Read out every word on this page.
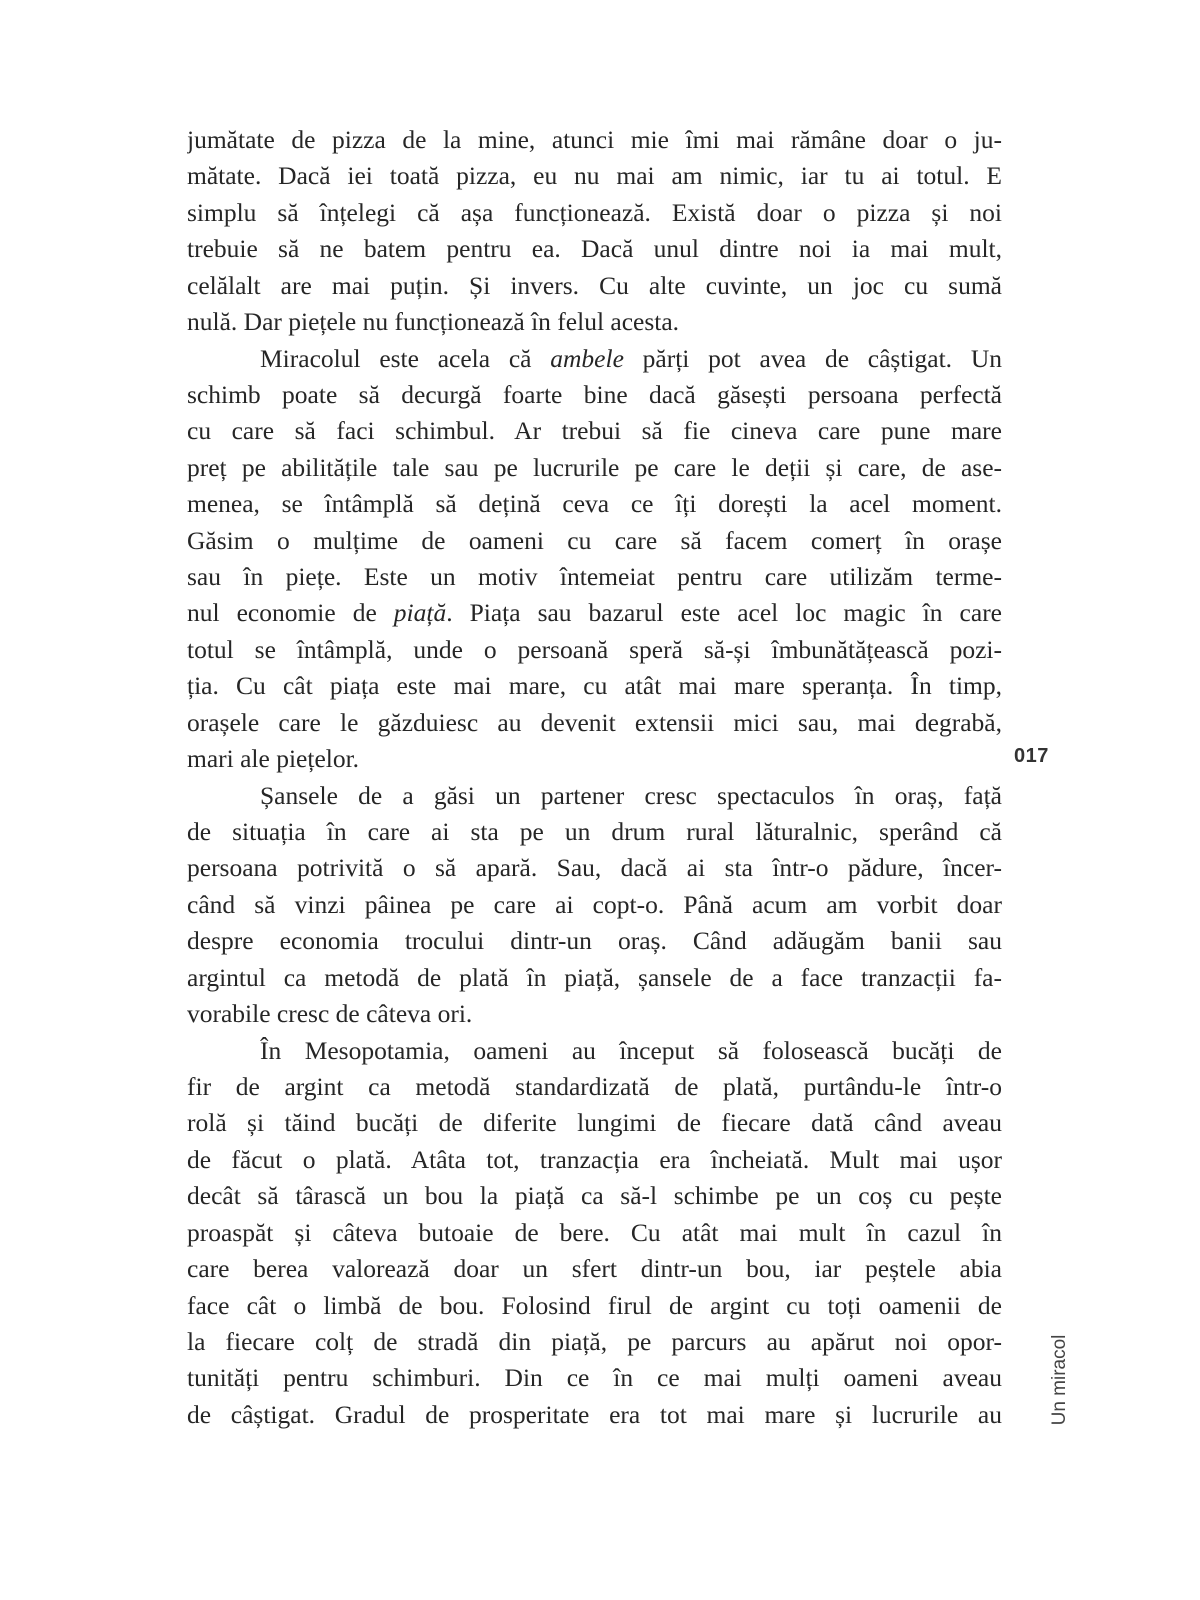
jumătate de pizza de la mine, atunci mie îmi mai rămâne doar o ju-
mătate. Dacă iei toată pizza, eu nu mai am nimic, iar tu ai totul. E
simplu să înțelegi că așa funcționează. Există doar o pizza și noi
trebuie să ne batem pentru ea. Dacă unul dintre noi ia mai mult,
celălalt are mai puțin. Și invers. Cu alte cuvinte, un joc cu sumă
nulă. Dar piețele nu funcționează în felul acesta.
Miracolul este acela că ambele părți pot avea de câștigat. Un
schimb poate să decurgă foarte bine dacă găsești persoana perfectă
cu care să faci schimbul. Ar trebui să fie cineva care pune mare
preț pe abilitățile tale sau pe lucrurile pe care le deții și care, de ase-
menea, se întâmplă să dețină ceva ce îți dorești la acel moment.
Găsim o mulțime de oameni cu care să facem comerț în orașe
sau în piețe. Este un motiv întemeiat pentru care utilizăm terme-
nul economie de piață. Piața sau bazarul este acel loc magic în care
totul se întâmplă, unde o persoană speră să-și îmbunătățească pozi-
ția. Cu cât piața este mai mare, cu atât mai mare speranța. În timp,
orașele care le găzduiesc au devenit extensii mici sau, mai degrabă,
mari ale piețelor.
Șansele de a găsi un partener cresc spectaculos în oraș, față
de situația în care ai sta pe un drum rural lăturalnic, sperând că
persoana potrivită o să apară. Sau, dacă ai sta într-o pădure, încer-
când să vinzi pâinea pe care ai copt-o. Până acum am vorbit doar
despre economia trocului dintr-un oraș. Când adăugăm banii sau
argintul ca metodă de plată în piață, șansele de a face tranzacții fa-
vorabile cresc de câteva ori.
În Mesopotamia, oameni au început să folosească bucăți de
fir de argint ca metodă standardizată de plată, purtându-le într-o
rolă și tăind bucăți de diferite lungimi de fiecare dată când aveau
de făcut o plată. Atâta tot, tranzacția era încheiată. Mult mai ușor
decât să târască un bou la piață ca să-l schimbe pe un coș cu pește
proaspăt și câteva butoaie de bere. Cu atât mai mult în cazul în
care berea valorează doar un sfert dintr-un bou, iar peștele abia
face cât o limbă de bou. Folosind firul de argint cu toți oamenii de
la fiecare colț de stradă din piață, pe parcurs au apărut noi opor-
tunități pentru schimburi. Din ce în ce mai mulți oameni aveau
de câștigat. Gradul de prosperitate era tot mai mare și lucrurile au
017
Un miracol
